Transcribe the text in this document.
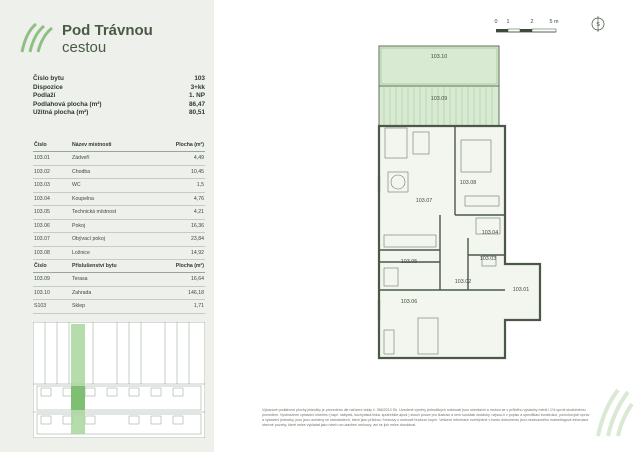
Pod Trávnou
cestou
Číslo bytu	103
Dispozice	3+kk
Podlaží	1. NP
Podlahová plocha (m²)	86,47
Užitná plocha (m²)	80,51
Číslo	Název místnosti	Plocha (m²)
103.01	Zádveří	4,49
103.02	Chodba	10,45
103.03	WC	1,5
103.04	Koupelna	4,76
103.05	Technická místnost	4,21
103.06	Pokoj	16,36
103.07	Obývací pokoj	23,84
103.08	Ložnice	14,92
Číslo	Příslušenství bytu	Plocha (m²)
103.09	Terasa	16,64
103.10	Zahrada	146,18
S103	Sklep	1,71
103.10
103.09
103.07
103.08
103.04
103.03
103.05
103.02
103.01
103.06
0 1	2	5 m	S
Výkazové podlahové plochy jednotky je provedeno dle nařízení vlády č. 366/2013 Sb. Uvedené výměry jednotlivých místností jsou orientační a mohou se v průběhu výstavby měnit i 1% oproti skutečnému provedení. Vyobrazené vybavení interiéru (např. nábytek, kuchyňská linka, spotřebiče apod.) slouží pouze pro ilustraci a není součástí dodávky, nejsou-li v popisu a specifikaci konstrukcí, povrchových úprav a vybavení jednotky, jsou jsou uvedeny ve standardech, které jsou přílohou Smlouvy o smlouvě budoucí kupní. Veškeré informace zveřejněné v tomto dokumentu jsou nezávazného marketingové informace obecné povahy, které nelze vykládat jako návrh na uzavření smlouvy, ani se jich nelze dovolávat.
